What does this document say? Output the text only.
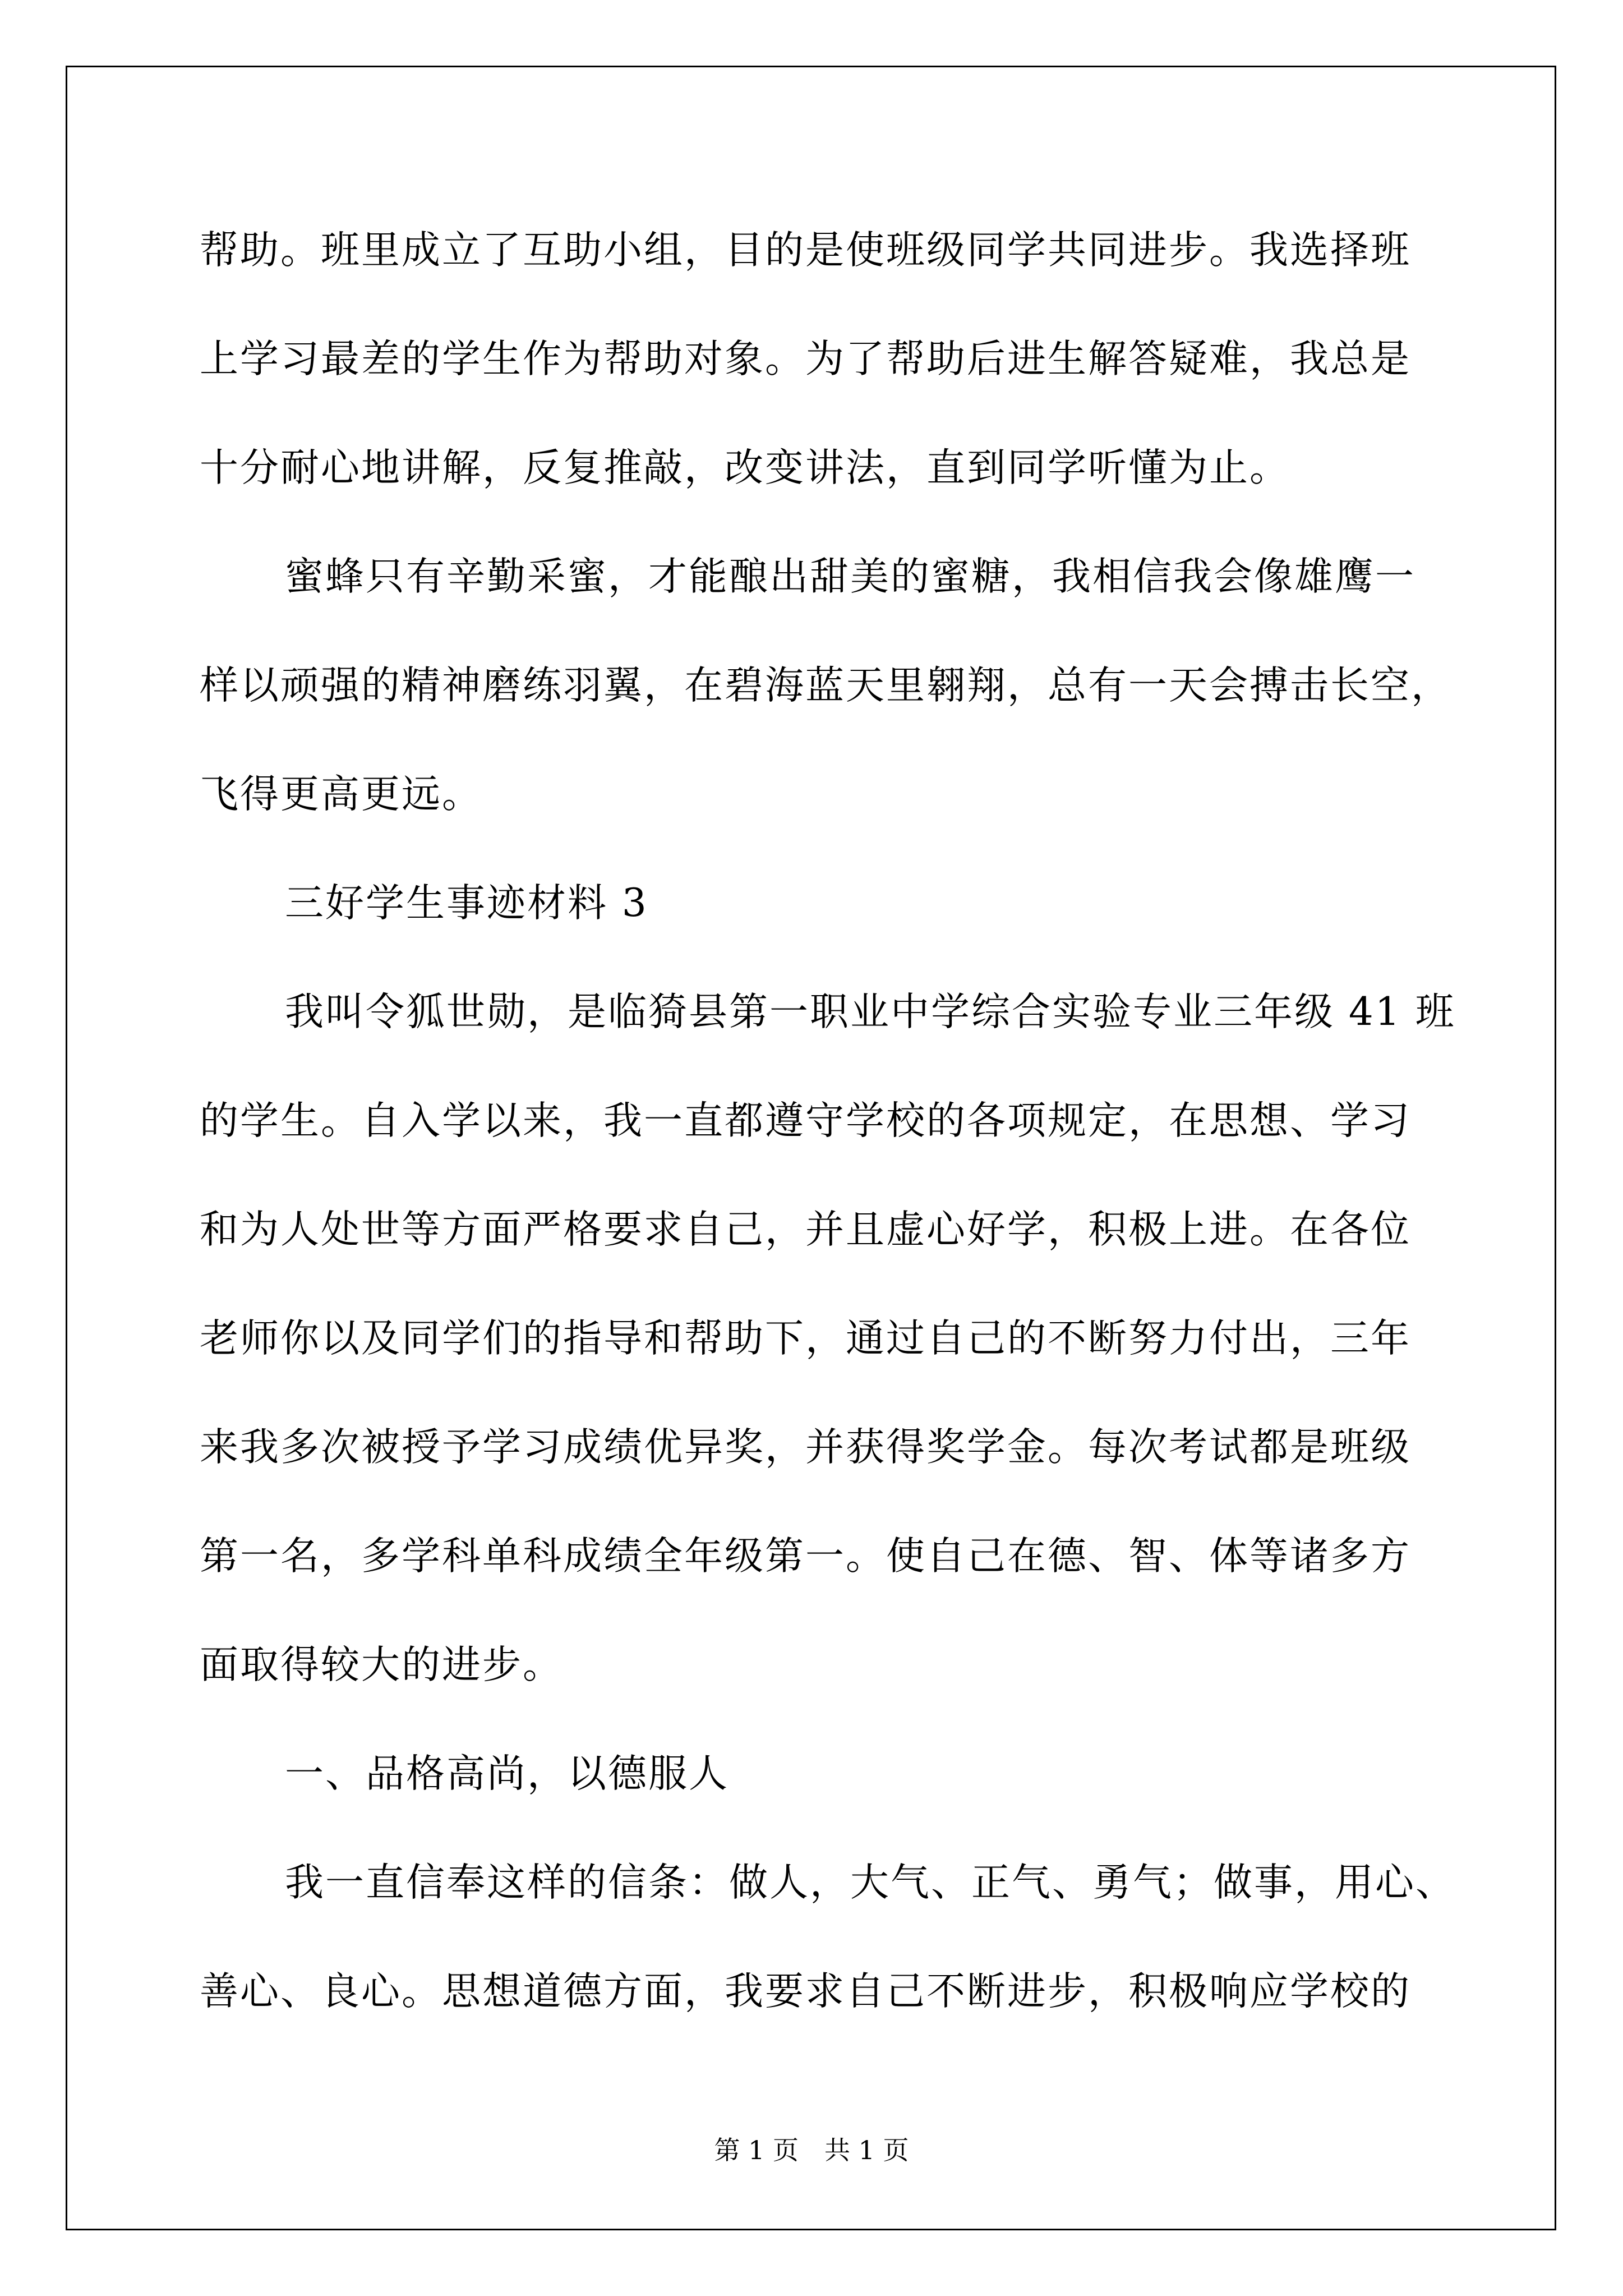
帮助。班里成立了互助小组，目的是使班级同学共同进步。我选择班
上学习最差的学生作为帮助对象。为了帮助后进生解答疑难，我总是
十分耐心地讲解，反复推敲，改变讲法，直到同学听懂为止。
蜜蜂只有辛勤采蜜，才能酿出甜美的蜜糖，我相信我会像雄鹰一
样以顽强的精神磨练羽翼，在碧海蓝天里翱翔，总有一天会搏击长空，
飞得更高更远。
三好学生事迹材料 3
我叫令狐世勋，是临猗县第一职业中学综合实验专业三年级 41 班
的学生。自入学以来，我一直都遵守学校的各项规定，在思想、学习
和为人处世等方面严格要求自己，并且虚心好学，积极上进。在各位
老师你以及同学们的指导和帮助下，通过自己的不断努力付出，三年
来我多次被授予学习成绩优异奖，并获得奖学金。每次考试都是班级
第一名，多学科单科成绩全年级第一。使自己在德、智、体等诸多方
面取得较大的进步。
一、品格高尚，以德服人
我一直信奉这样的信条：做人，大气、正气、勇气；做事，用心、
善心、良心。思想道德方面，我要求自己不断进步，积极响应学校的
第 1 页　共 1 页
